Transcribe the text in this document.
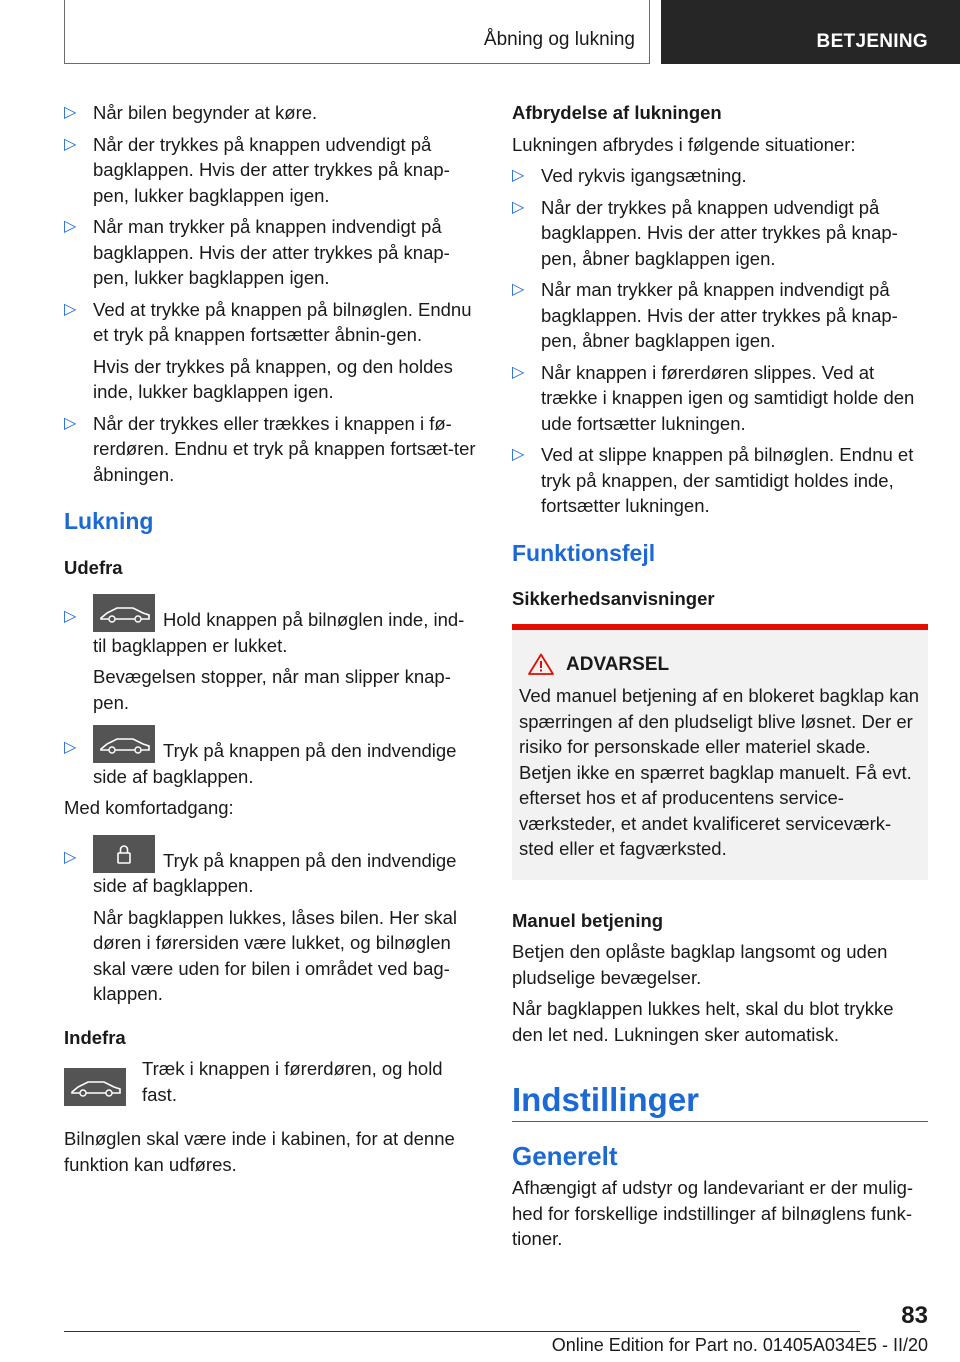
Åbning og lukning	BETJENING
▷ Når bilen begynder at køre.

▷ Når der trykkes på knappen udvendigt på bagklappen. Hvis der atter trykkes på knap-pen, lukker bagklappen igen.

▷ Når man trykker på knappen indvendigt på bagklappen. Hvis der atter trykkes på knap-pen, lukker bagklappen igen.

▷ Ved at trykke på knappen på bilnøglen. Endnu et tryk på knappen fortsætter åbnin-gen.

Hvis der trykkes på knappen, og den holdes inde, lukker bagklappen igen.

▷ Når der trykkes eller trækkes i knappen i fø-rerdøren. Endnu et tryk på knappen fortsæt-ter åbningen.

Lukning
Udefra
▷	Hold knappen på bilnøglen inde, ind-til bagklappen er lukket.

Bevægelsen stopper, når man slipper knap-pen.

▷	Tryk på knappen på den indvendige side af bagklappen.

Med komfortadgang:

▷	Tryk på knappen på den indvendige side af bagklappen.

Når bagklappen lukkes, låses bilen. Her skal døren i førersiden være lukket, og bilnøglen skal være uden for bilen i området ved bag-klappen.

Indefra

Træk i knappen i førerdøren, og hold fast.

Bilnøglen skal være inde i kabinen, for at denne funktion kan udføres.

Afbrydelse af lukningen

Lukningen afbrydes i følgende situationer:

▷ Ved rykvis igangsætning.

▷ Når der trykkes på knappen udvendigt på bagklappen. Hvis der atter trykkes på knap-pen, åbner bagklappen igen.

▷ Når man trykker på knappen indvendigt på bagklappen. Hvis der atter trykkes på knap-pen, åbner bagklappen igen.

▷ Når knappen i førerdøren slippes. Ved at trække i knappen igen og samtidigt holde den ude fortsætter lukningen.

▷ Ved at slippe knappen på bilnøglen. Endnu et tryk på knappen, der samtidigt holdes inde, fortsætter lukningen.

Funktionsfejl
Sikkerhedsanvisninger
ADVARSEL

Ved manuel betjening af en blokeret bagklap kan spærringen af den pludseligt blive løsnet. Der er risiko for personskade eller materiel skade. Betjen ikke en spærret bagklap manuelt. Få evt. efterset hos et af producentens service-værksteder, et andet kvalificeret serviceværk-sted eller et fagværksted.

Manuel betjening

Betjen den oplåste bagklap langsomt og uden pludselige bevægelser.

Når bagklappen lukkes helt, skal du blot trykke den let ned. Lukningen sker automatisk.

Indstillinger
Generelt

Afhængigt af udstyr og landevariant er der mulig-hed for forskellige indstillinger af bilnøglens funk-tioner.

83
Online Edition for Part no. 01405A034E5 - II/20
